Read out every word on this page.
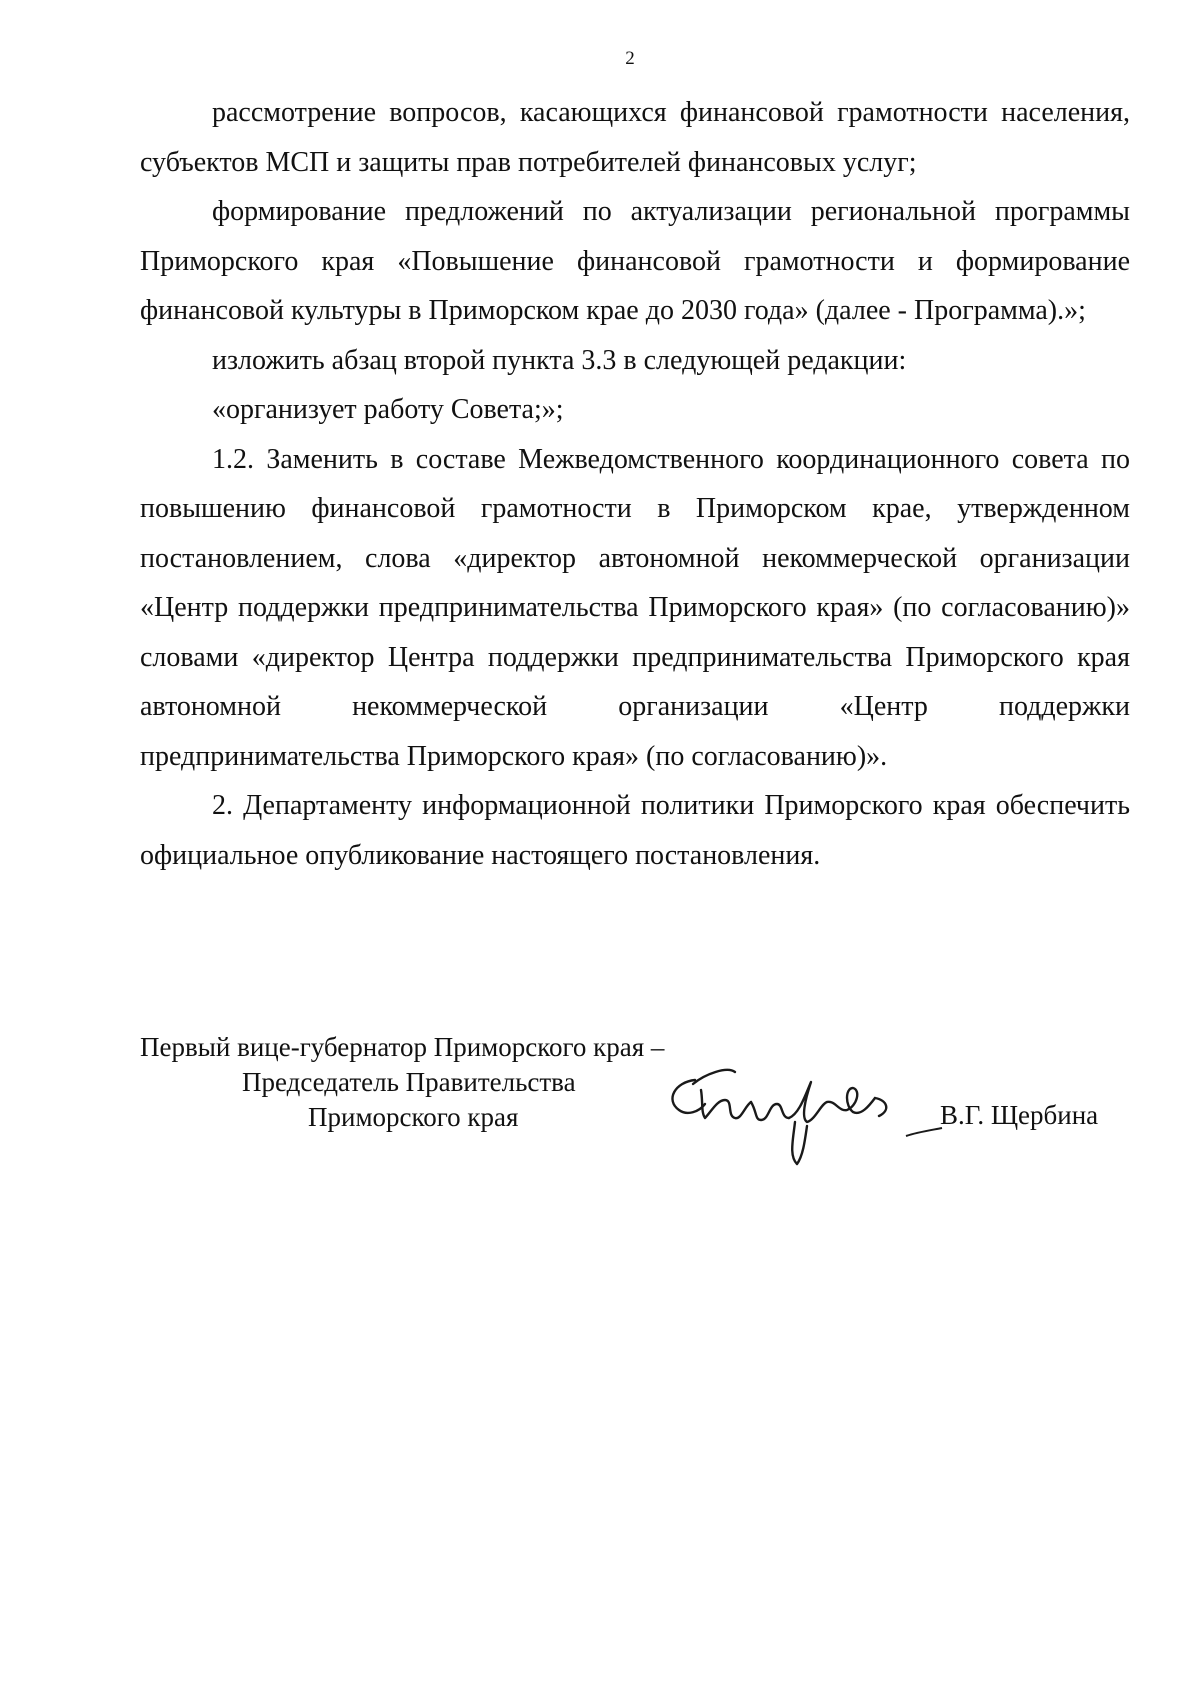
2

рассмотрение вопросов, касающихся финансовой грамотности населения, субъектов МСП и защиты прав потребителей финансовых услуг;

формирование предложений по актуализации региональной программы Приморского края «Повышение финансовой грамотности и формирование финансовой культуры в Приморском крае до 2030 года» (далее - Программа).»;

изложить абзац второй пункта 3.3 в следующей редакции:

«организует работу Совета;»;

1.2. Заменить в составе Межведомственного координационного совета по повышению финансовой грамотности в Приморском крае, утвержденном постановлением, слова «директор автономной некоммерческой организации «Центр поддержки предпринимательства Приморского края» (по согласованию)» словами «директор Центра поддержки предпринимательства Приморского края автономной некоммерческой организации «Центр поддержки предпринимательства Приморского края» (по согласованию)».

2. Департаменту информационной политики Приморского края обеспечить официальное опубликование настоящего постановления.

Первый вице-губернатор Приморского края –
Председатель Правительства
Приморского края	В.Г. Щербина
